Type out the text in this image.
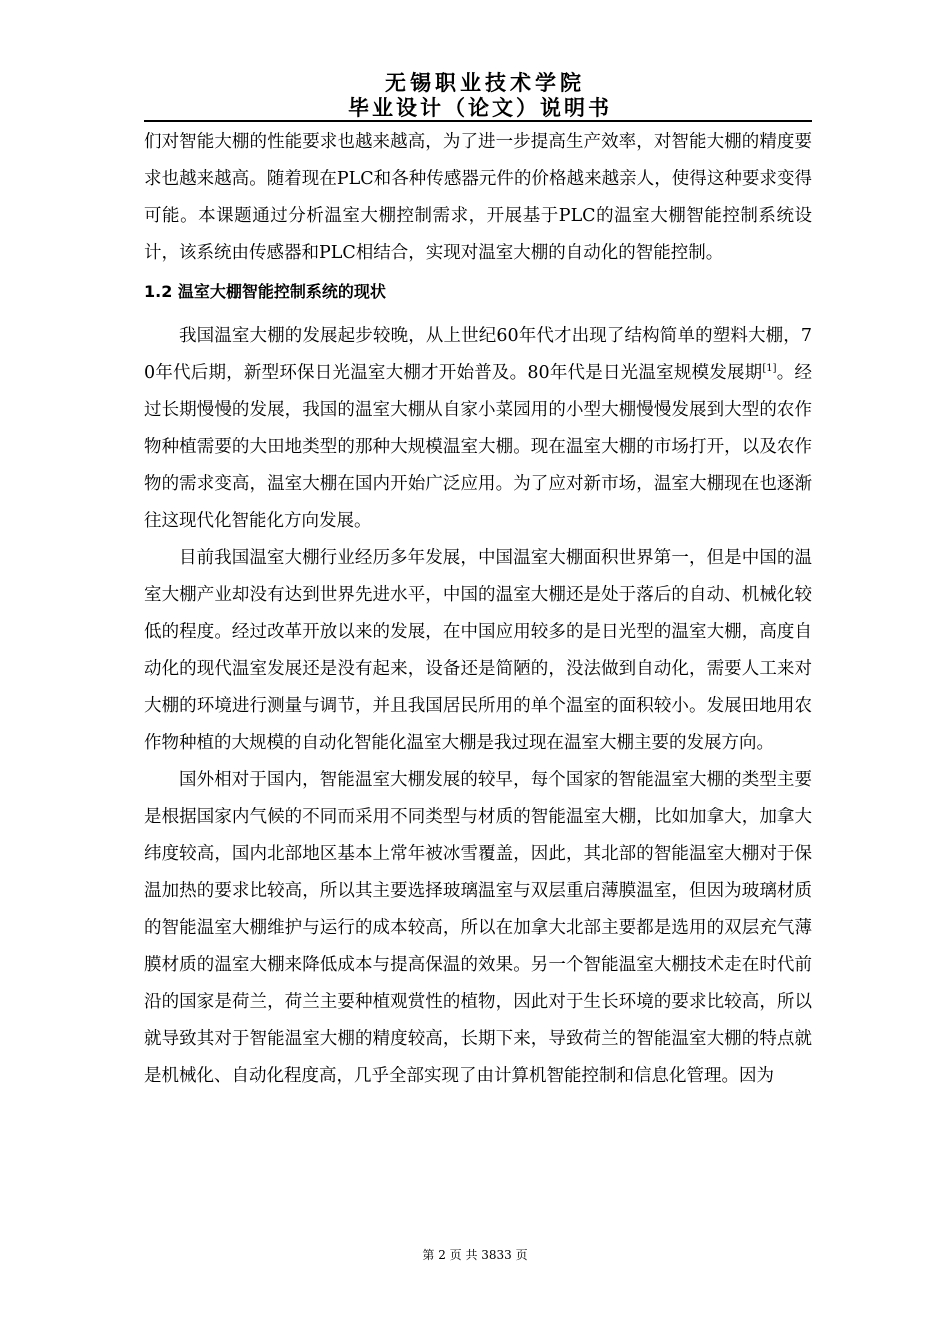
无锡职业技术学院
毕业设计（论文）说明书

们对智能大棚的性能要求也越来越高，为了进一步提高生产效率，对智能大棚的精度要求也越来越高。随着现在PLC和各种传感器元件的价格越来越亲人，使得这种要求变得可能。本课题通过分析温室大棚控制需求，开展基于PLC的温室大棚智能控制系统设计，该系统由传感器和PLC相结合，实现对温室大棚的自动化的智能控制。

1.2 温室大棚智能控制系统的现状

我国温室大棚的发展起步较晚，从上世纪60年代才出现了结构简单的塑料大棚，70年代后期，新型环保日光温室大棚才开始普及。80年代是日光温室规模发展期[1]。经过长期慢慢的发展，我国的温室大棚从自家小菜园用的小型大棚慢慢发展到大型的农作物种植需要的大田地类型的那种大规模温室大棚。现在温室大棚的市场打开，以及农作物的需求变高，温室大棚在国内开始广泛应用。为了应对新市场，温室大棚现在也逐渐往这现代化智能化方向发展。

目前我国温室大棚行业经历多年发展，中国温室大棚面积世界第一，但是中国的温室大棚产业却没有达到世界先进水平，中国的温室大棚还是处于落后的自动、机械化较低的程度。经过改革开放以来的发展，在中国应用较多的是日光型的温室大棚，高度自动化的现代温室发展还是没有起来，设备还是简陋的，没法做到自动化，需要人工来对大棚的环境进行测量与调节，并且我国居民所用的单个温室的面积较小。发展田地用农作物种植的大规模的自动化智能化温室大棚是我过现在温室大棚主要的发展方向。

国外相对于国内，智能温室大棚发展的较早，每个国家的智能温室大棚的类型主要是根据国家内气候的不同而采用不同类型与材质的智能温室大棚，比如加拿大，加拿大纬度较高，国内北部地区基本上常年被冰雪覆盖，因此，其北部的智能温室大棚对于保温加热的要求比较高，所以其主要选择玻璃温室与双层重启薄膜温室，但因为玻璃材质的智能温室大棚维护与运行的成本较高，所以在加拿大北部主要都是选用的双层充气薄膜材质的温室大棚来降低成本与提高保温的效果。另一个智能温室大棚技术走在时代前沿的国家是荷兰，荷兰主要种植观赏性的植物，因此对于生长环境的要求比较高，所以就导致其对于智能温室大棚的精度较高，长期下来，导致荷兰的智能温室大棚的特点就是机械化、自动化程度高，几乎全部实现了由计算机智能控制和信息化管理。因为

第 2 页 共 3833 页
